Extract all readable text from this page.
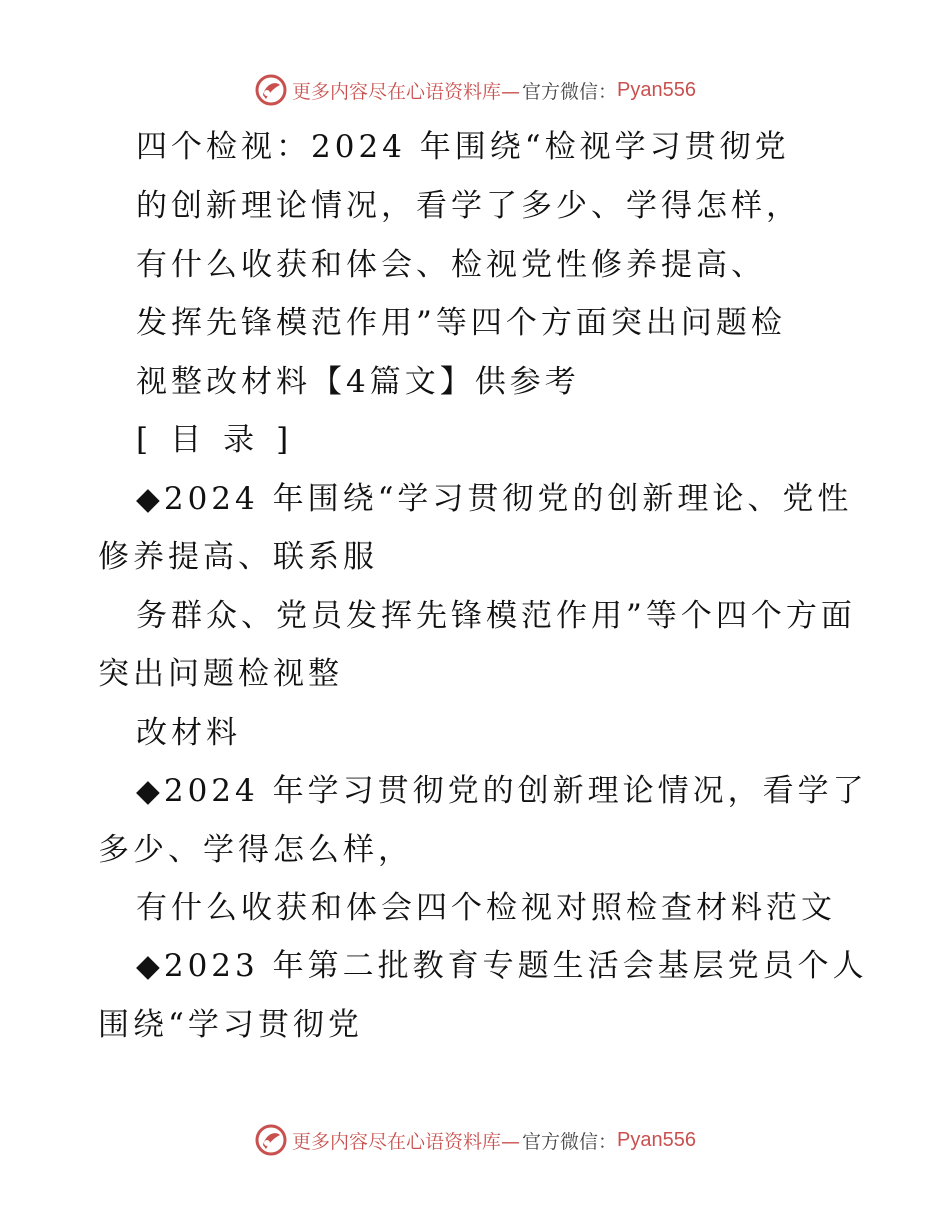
更多内容尽在心语资料库— 官方微信： Pyan556
四个检视：2024 年围绕“检视学习贯彻党
的创新理论情况，看学了多少、学得怎样，
有什么收获和体会、检视党性修养提高、
发挥先锋模范作用”等四个方面突出问题检
视整改材料【4篇文】供参考
[目录]
◆2024 年围绕“学习贯彻党的创新理论、党性
修养提高、联系服
务群众、党员发挥先锋模范作用”等个四个方面
突出问题检视整
改材料
◆2024 年学习贯彻党的创新理论情况，看学了
多少、学得怎么样，
有什么收获和体会四个检视对照检查材料范文
◆2023 年第二批教育专题生活会基层党员个人
围绕“学习贯彻党
更多内容尽在心语资料库— 官方微信： Pyan556
